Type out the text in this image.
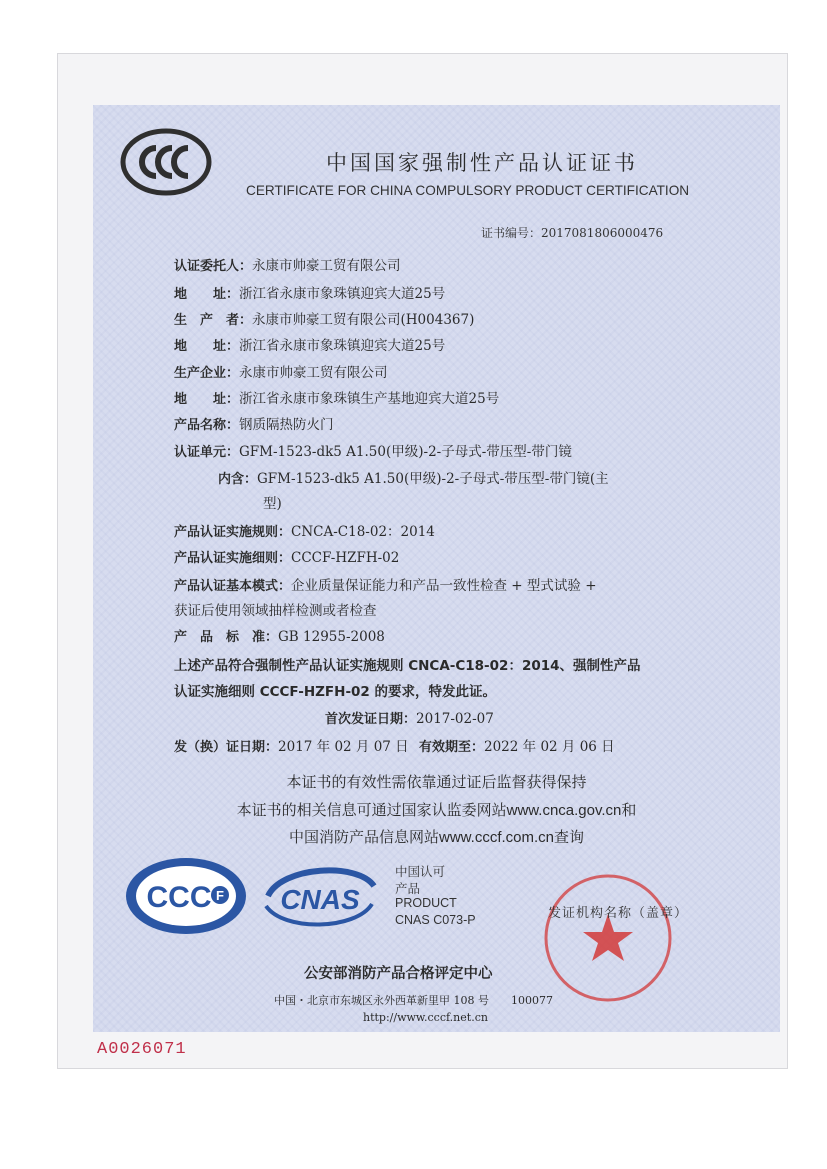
中国国家强制性产品认证证书
CERTIFICATE FOR CHINA COMPULSORY PRODUCT CERTIFICATION
证书编号：2017081806000476
认证委托人：永康市帅豪工贸有限公司
地　　址：浙江省永康市象珠镇迎宾大道25号
生　产　者：永康市帅豪工贸有限公司(H004367)
地　　址：浙江省永康市象珠镇迎宾大道25号
生产企业：永康市帅豪工贸有限公司
地　　址：浙江省永康市象珠镇生产基地迎宾大道25号
产品名称：钢质隔热防火门
认证单元：GFM-1523-dk5 A1.50(甲级)-2-子母式-带压型-带门镜
内含：GFM-1523-dk5 A1.50(甲级)-2-子母式-带压型-带门镜(主
型)
产品认证实施规则：CNCA-C18-02：2014
产品认证实施细则：CCCF-HZFH-02
产品认证基本模式：企业质量保证能力和产品一致性检查 + 型式试验 +
获证后使用领域抽样检测或者检查
产　品　标　准：GB 12955-2008
上述产品符合强制性产品认证实施规则 CNCA-C18-02：2014、强制性产品
认证实施细则 CCCF-HZFH-02 的要求，特发此证。
首次发证日期：2017-02-07
发（换）证日期：2017 年 02 月 07 日 有效期至：2022 年 02 月 06 日
本证书的有效性需依靠通过证后监督获得保持
本证书的相关信息可通过国家认监委网站www.cnca.gov.cn和
中国消防产品信息网站www.cccf.com.cn查询
CCC F CNAS
中国认可
产品
PRODUCT
CNAS C073-P	发证机构名称（盖章）
公安部消防产品合格评定中心
中国・北京市东城区永外西革新里甲 108 号　　100077
http://www.cccf.net.cn
A0026071
